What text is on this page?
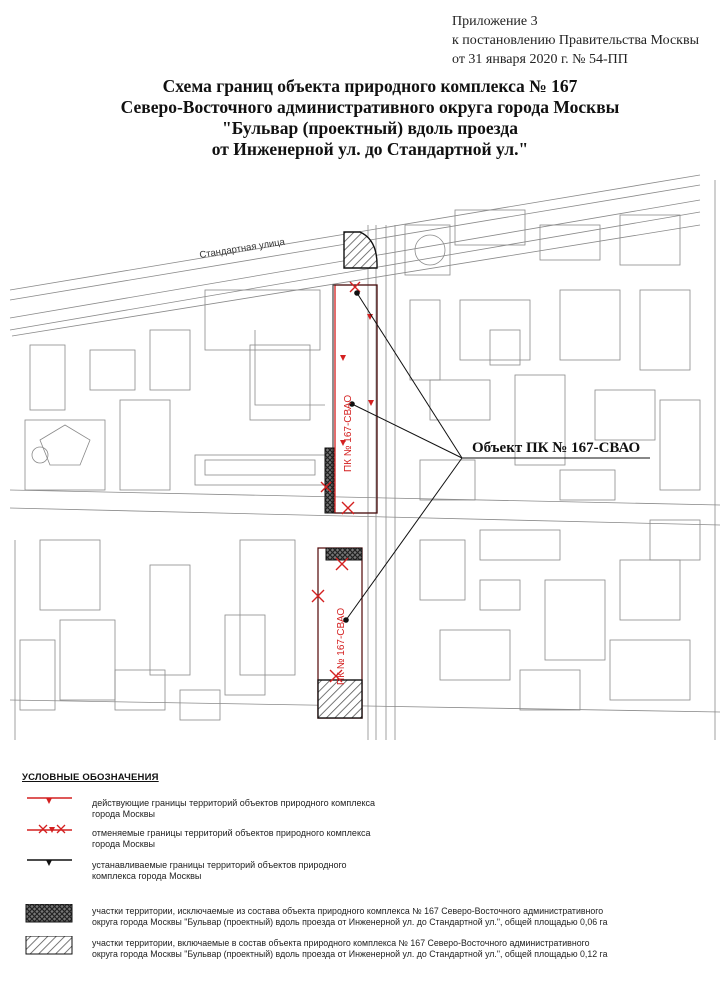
Приложение 3
к постановлению Правительства Москвы
от 31 января 2020 г. № 54-ПП
Схема границ объекта природного комплекса № 167
Северо-Восточного административного округа города Москвы
"Бульвар (проектный) вдоль проезда
от Инженерной ул. до Стандартной ул."
ПК № 167-СВАО
ПК № 167-СВАО
Стандартная улица
Объект ПК № 167-СВАО
УСЛОВНЫЕ ОБОЗНАЧЕНИЯ
действующие границы территорий объектов природного комплекса
города Москвы
отменяемые границы территорий объектов природного комплекса
города Москвы
устанавливаемые границы территорий объектов природного
комплекса города Москвы
участки территории, исключаемые из состава объекта природного комплекса № 167 Северо-Восточного административного
округа города Москвы "Бульвар (проектный) вдоль проезда от Инженерной ул. до Стандартной ул.", общей площадью 0,06 га
участки территории, включаемые в состав объекта природного комплекса № 167 Северо-Восточного административного
округа города Москвы "Бульвар (проектный) вдоль проезда от Инженерной ул. до Стандартной ул.", общей площадью 0,12 га
